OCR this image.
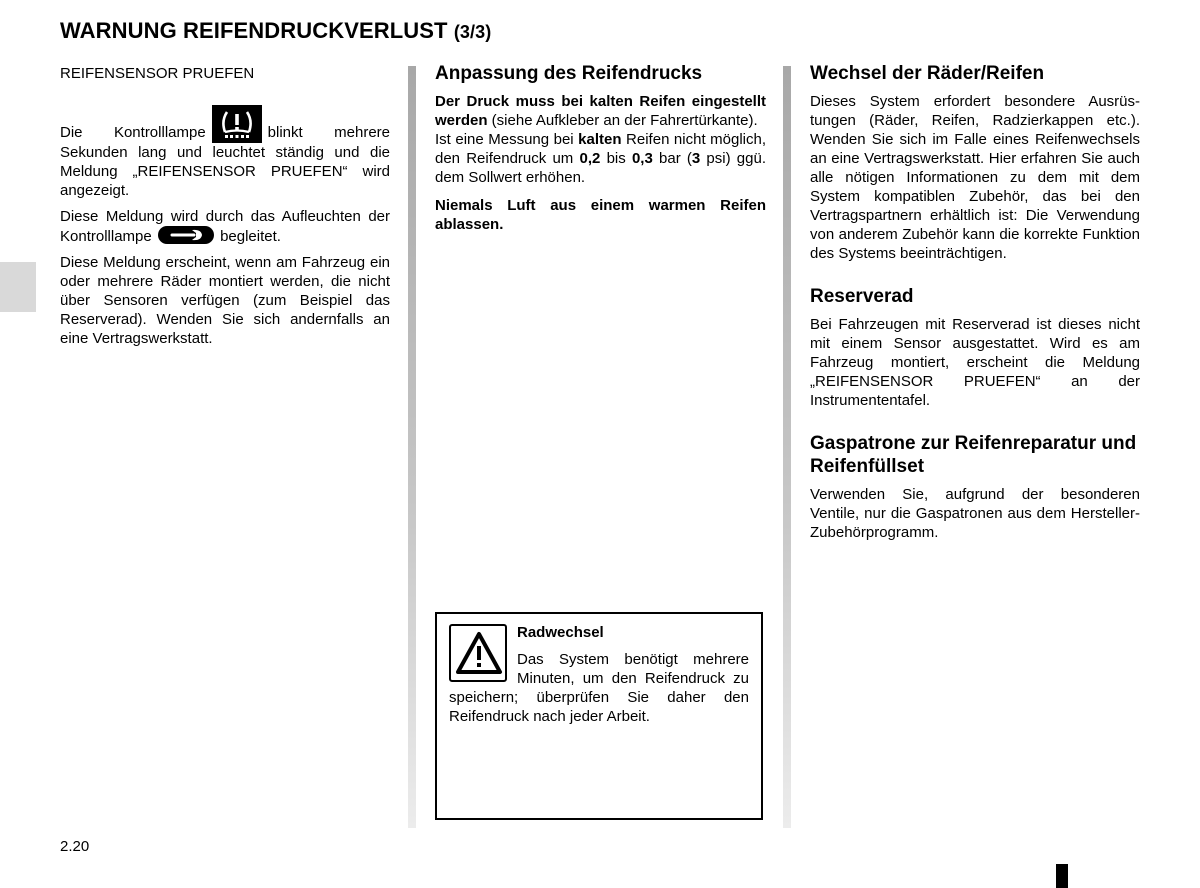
WARNUNG REIFENDRUCKVERLUST (3/3)

REIFENSENSOR PRUEFEN

Die Kontrolllampe	blinkt mehrere Sekunden lang und leuchtet ständig und die Meldung „REIFENSENSOR PRUEFEN“ wird angezeigt.

Diese Meldung wird durch das Aufleuchten der Kontrolllampe	begleitet.

Diese Meldung erscheint, wenn am Fahrzeug ein oder mehrere Räder montiert werden, die nicht über Sensoren verfügen (zum Beispiel das Reserverad). Wenden Sie sich andernfalls an eine Vertragswerkstatt.

Anpassung des Reifendrucks

Der Druck muss bei kalten Reifen eingestellt werden (siehe Aufkleber an der Fahrertürkante).

Ist eine Messung bei kalten Reifen nicht möglich, den Reifendruck um 0,2 bis 0,3 bar (3 psi) ggü. dem Sollwert erhöhen.

Niemals Luft aus einem warmen Reifen ablassen.

Radwechsel

Das System benötigt mehrere Minuten, um den Reifendruck zu speichern; überprüfen Sie daher den Reifendruck nach jeder Arbeit.

Wechsel der Räder/Reifen

Dieses System erfordert besondere Ausrüstungen (Räder, Reifen, Radzierkappen etc.). Wenden Sie sich im Falle eines Reifenwechsels an eine Vertragswerkstatt. Hier erfahren Sie auch alle nötigen Informationen zu dem mit dem System kompatiblen Zubehör, das bei den Vertragspartnern erhältlich ist: Die Verwendung von anderem Zubehör kann die korrekte Funktion des Systems beeinträchtigen.

Reserverad

Bei Fahrzeugen mit Reserverad ist dieses nicht mit einem Sensor ausgestattet. Wird es am Fahrzeug montiert, erscheint die Meldung „REIFENSENSOR PRUEFEN“ an der Instrumententafel.

Gaspatrone zur Reifenreparatur und Reifenfüllset

Verwenden Sie, aufgrund der besonderen Ventile, nur die Gaspatronen aus dem Hersteller-Zubehörprogramm.

2.20
